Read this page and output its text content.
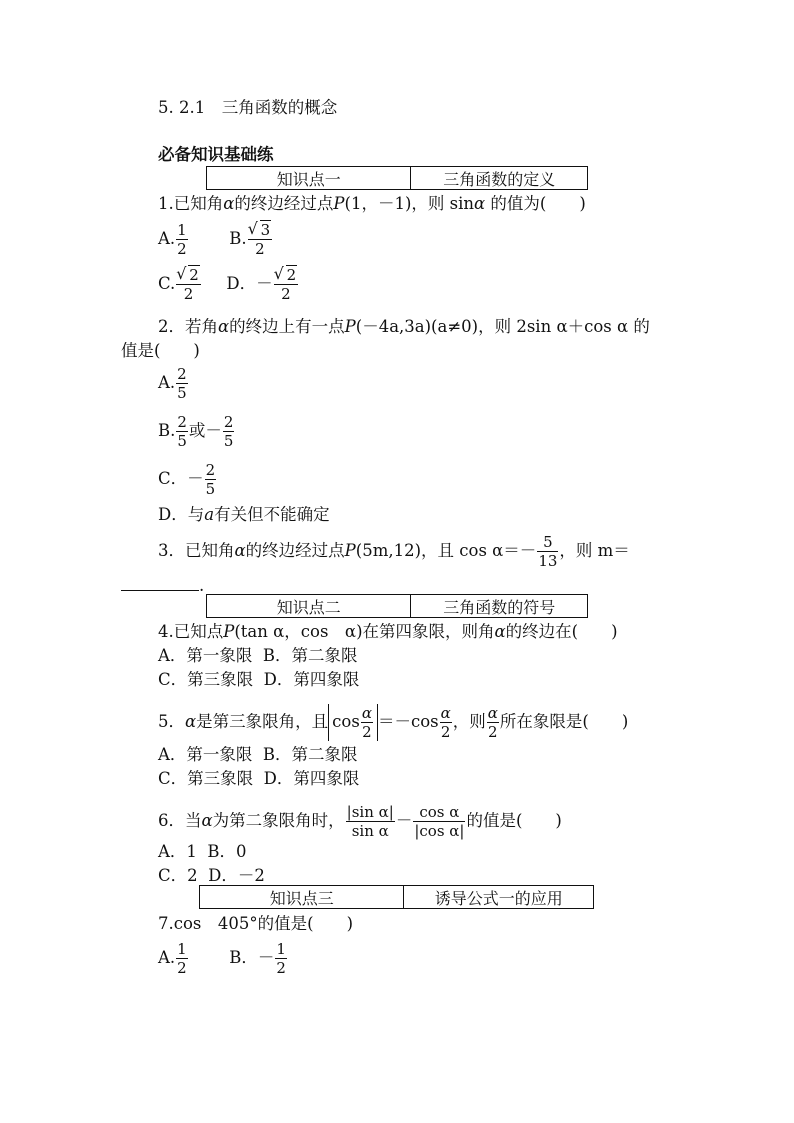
5. 2.1　三角函数的概念
必备知识基础练
知识点一	三角函数的定义
1.已知角α的终边经过点P(1，－1)，则 sinα 的值为(　　)
A. $\frac{1}{2}$	B. √ $\frac{3}{2}$
C. √ $\frac{2}{2}$ D．－ √ $\frac{2}{2}$
2．若角α的终边上有一点P(－4a,3a)(a≠0)，则 2sin α＋cos α 的
值是(　　)
A. $\frac{2}{5}$
B. $\frac{2}{5}$ 或－ $\frac{2}{5}$
C．－ $\frac{2}{5}$
D．与a有关但不能确定
3．已知角α的终边经过点P(5m,12)，且 $\cos \alpha=- \frac{5}{13}$ ，则 m＝
.
知识点二	三角函数的符号
4.已知点P(tan α，cos　α)在第四象限，则角α的终边在(　　)
A．第一象限 B．第二象限
C．第三象限 D．第四象限
5．α是第三象限角，且 $\cos \frac{\alpha}{2} =-\cos \frac{\alpha}{2}$ ，则 $\frac{\alpha}{2}$ 所在象限是(　　)
A．第一象限 B．第二象限
C．第三象限 D．第四象限
6．当α为第二象限角时， $\frac{\text{|sin α|}}{\text{sin α}} - \frac{\text{cos α}}{\text{|cos α|}}$ 的值是(　　)
A．1 B．0
C．2 D．－2
知识点三	诱导公式一的应用
7.cos　405°的值是(　　)
A. $\frac{1}{2}$	B．－ $\frac{1}{2}$
